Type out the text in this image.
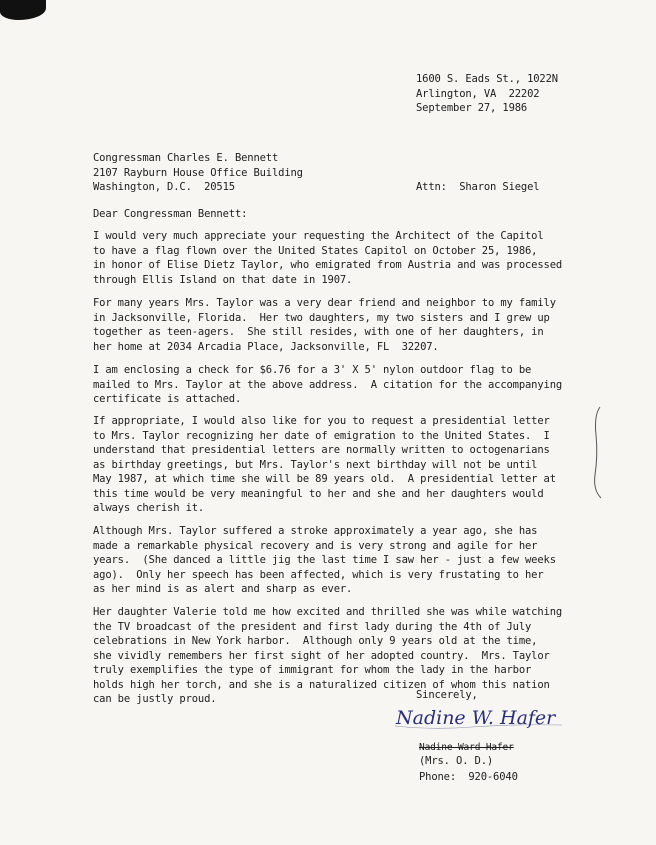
1600 S. Eads St., 1022N
Arlington, VA  22202
September 27, 1986
Congressman Charles E. Bennett
2107 Rayburn House Office Building
Washington, D.C.  20515	Attn:  Sharon Siegel
Dear Congressman Bennett:
I would very much appreciate your requesting the Architect of the Capitol
to have a flag flown over the United States Capitol on October 25, 1986,
in honor of Elise Dietz Taylor, who emigrated from Austria and was processed
through Ellis Island on that date in 1907.
For many years Mrs. Taylor was a very dear friend and neighbor to my family
in Jacksonville, Florida.  Her two daughters, my two sisters and I grew up
together as teen-agers.  She still resides, with one of her daughters, in
her home at 2034 Arcadia Place, Jacksonville, FL  32207.
I am enclosing a check for $6.76 for a 3' X 5' nylon outdoor flag to be
mailed to Mrs. Taylor at the above address.  A citation for the accompanying
certificate is attached.
If appropriate, I would also like for you to request a presidential letter
to Mrs. Taylor recognizing her date of emigration to the United States.  I
understand that presidential letters are normally written to octogenarians
as birthday greetings, but Mrs. Taylor's next birthday will not be until
May 1987, at which time she will be 89 years old.  A presidential letter at
this time would be very meaningful to her and she and her daughters would
always cherish it.
Although Mrs. Taylor suffered a stroke approximately a year ago, she has
made a remarkable physical recovery and is very strong and agile for her
years.  (She danced a little jig the last time I saw her - just a few weeks
ago).  Only her speech has been affected, which is very frustating to her
as her mind is as alert and sharp as ever.
Her daughter Valerie told me how excited and thrilled she was while watching
the TV broadcast of the president and first lady during the 4th of July
celebrations in New York harbor.  Although only 9 years old at the time,
she vividly remembers her first sight of her adopted country.  Mrs. Taylor
truly exemplifies the type of immigrant for whom the lady in the harbor
holds high her torch, and she is a naturalized citizen of whom this nation
can be justly proud.	Sincerely,
Nadine W. Hafer
Nadine Ward Hafer
(Mrs. O. D.)
Phone:  920-6040
